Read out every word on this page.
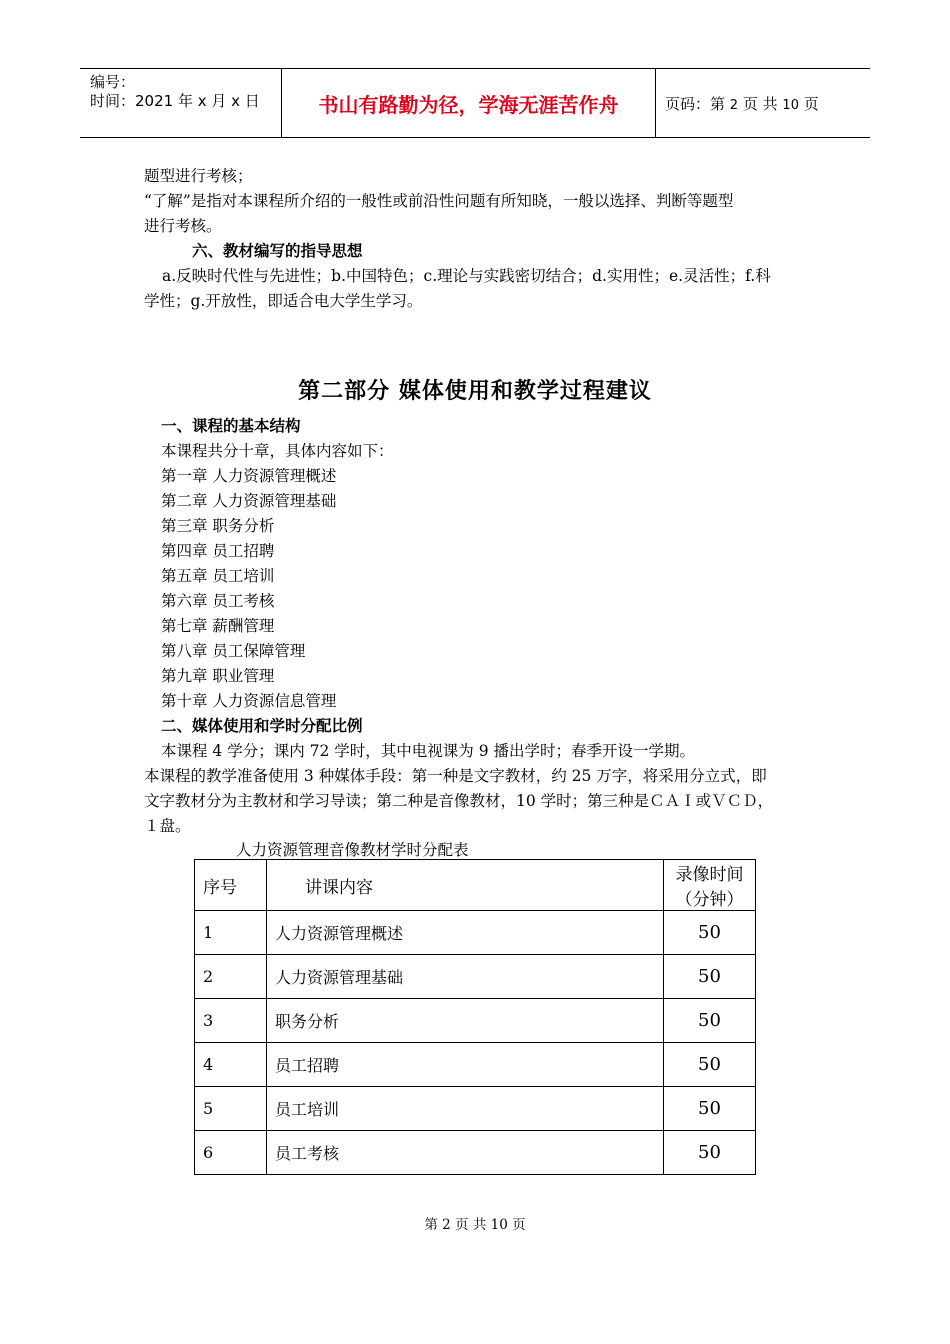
编号：
时间：2021 年 x 月 x 日	书山有路勤为径，学海无涯苦作舟	页码：第 2 页 共 10 页
题型进行考核；
“了解”是指对本课程所介绍的一般性或前沿性问题有所知晓，一般以选择、判断等题型
进行考核。
六、教材编写的指导思想
a.反映时代性与先进性；b.中国特色；c.理论与实践密切结合；d.实用性；e.灵活性；f.科
学性；g.开放性，即适合电大学生学习。
第二部分 媒体使用和教学过程建议
一、课程的基本结构
本课程共分十章，具体内容如下：
第一章 人力资源管理概述
第二章 人力资源管理基础
第三章 职务分析
第四章 员工招聘
第五章 员工培训
第六章 员工考核
第七章 薪酬管理
第八章 员工保障管理
第九章 职业管理
第十章 人力资源信息管理
二、媒体使用和学时分配比例
本课程 4 学分；课内 72 学时，其中电视课为 9 播出学时；春季开设一学期。
本课程的教学准备使用 3 种媒体手段：第一种是文字教材，约 25 万字，将采用分立式，即
文字教材分为主教材和学习导读；第二种是音像教材，10 学时；第三种是ＣＡＩ或ＶＣＤ，
１盘。
人力资源管理音像教材学时分配表
序号	讲课内容	录像时间
（分钟）

1	人力资源管理概述	50
2	人力资源管理基础	50
3	职务分析	50
4	员工招聘	50
5	员工培训	50
6	员工考核	50
第 2 页 共 10 页
